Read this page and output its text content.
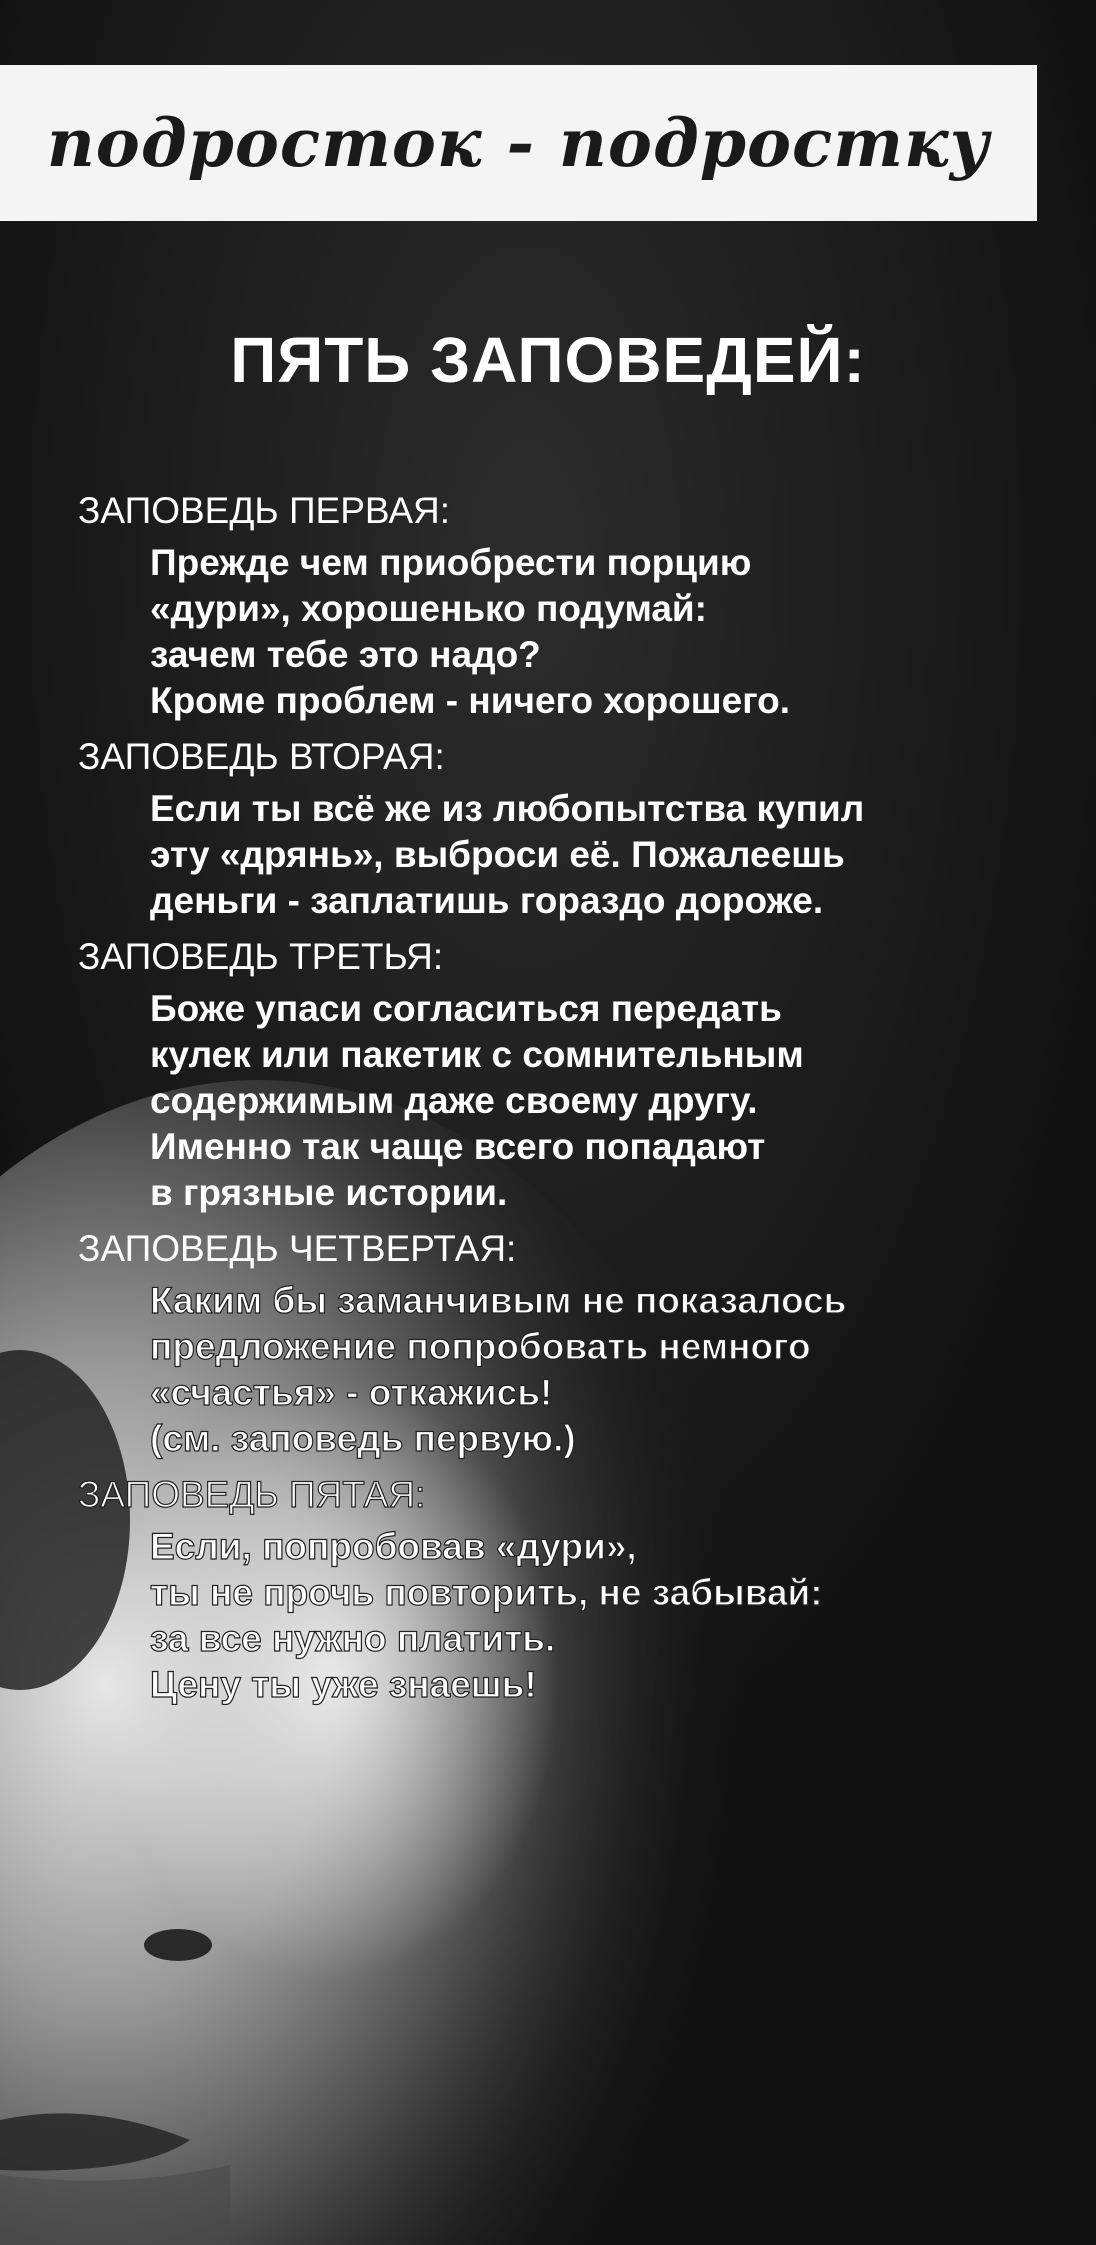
подросток - подростку
ПЯТЬ ЗАПОВЕДЕЙ:

ЗАПОВЕДЬ ПЕРВАЯ:

Прежде чем приобрести порцию
«дури», хорошенько подумай:
зачем тебе это надо?
Кроме проблем - ничего хорошего.

ЗАПОВЕДЬ ВТОРАЯ:

Если ты всё же из любопытства купил
эту «дрянь», выброси её. Пожалеешь
деньги - заплатишь гораздо дороже.

ЗАПОВЕДЬ ТРЕТЬЯ:

Боже упаси согласиться передать
кулек или пакетик с сомнительным
содержимым даже своему другу.
Именно так чаще всего попадают
в грязные истории.

ЗАПОВЕДЬ ЧЕТВЕРТАЯ:

Каким бы заманчивым не показалось
предложение попробовать немного
«счастья» - откажись!
(см. заповедь первую.)

ЗАПОВЕДЬ ПЯТАЯ:

Если, попробовав «дури»,
ты не прочь повторить, не забывай:
за все нужно платить.
Цену ты уже знаешь!
